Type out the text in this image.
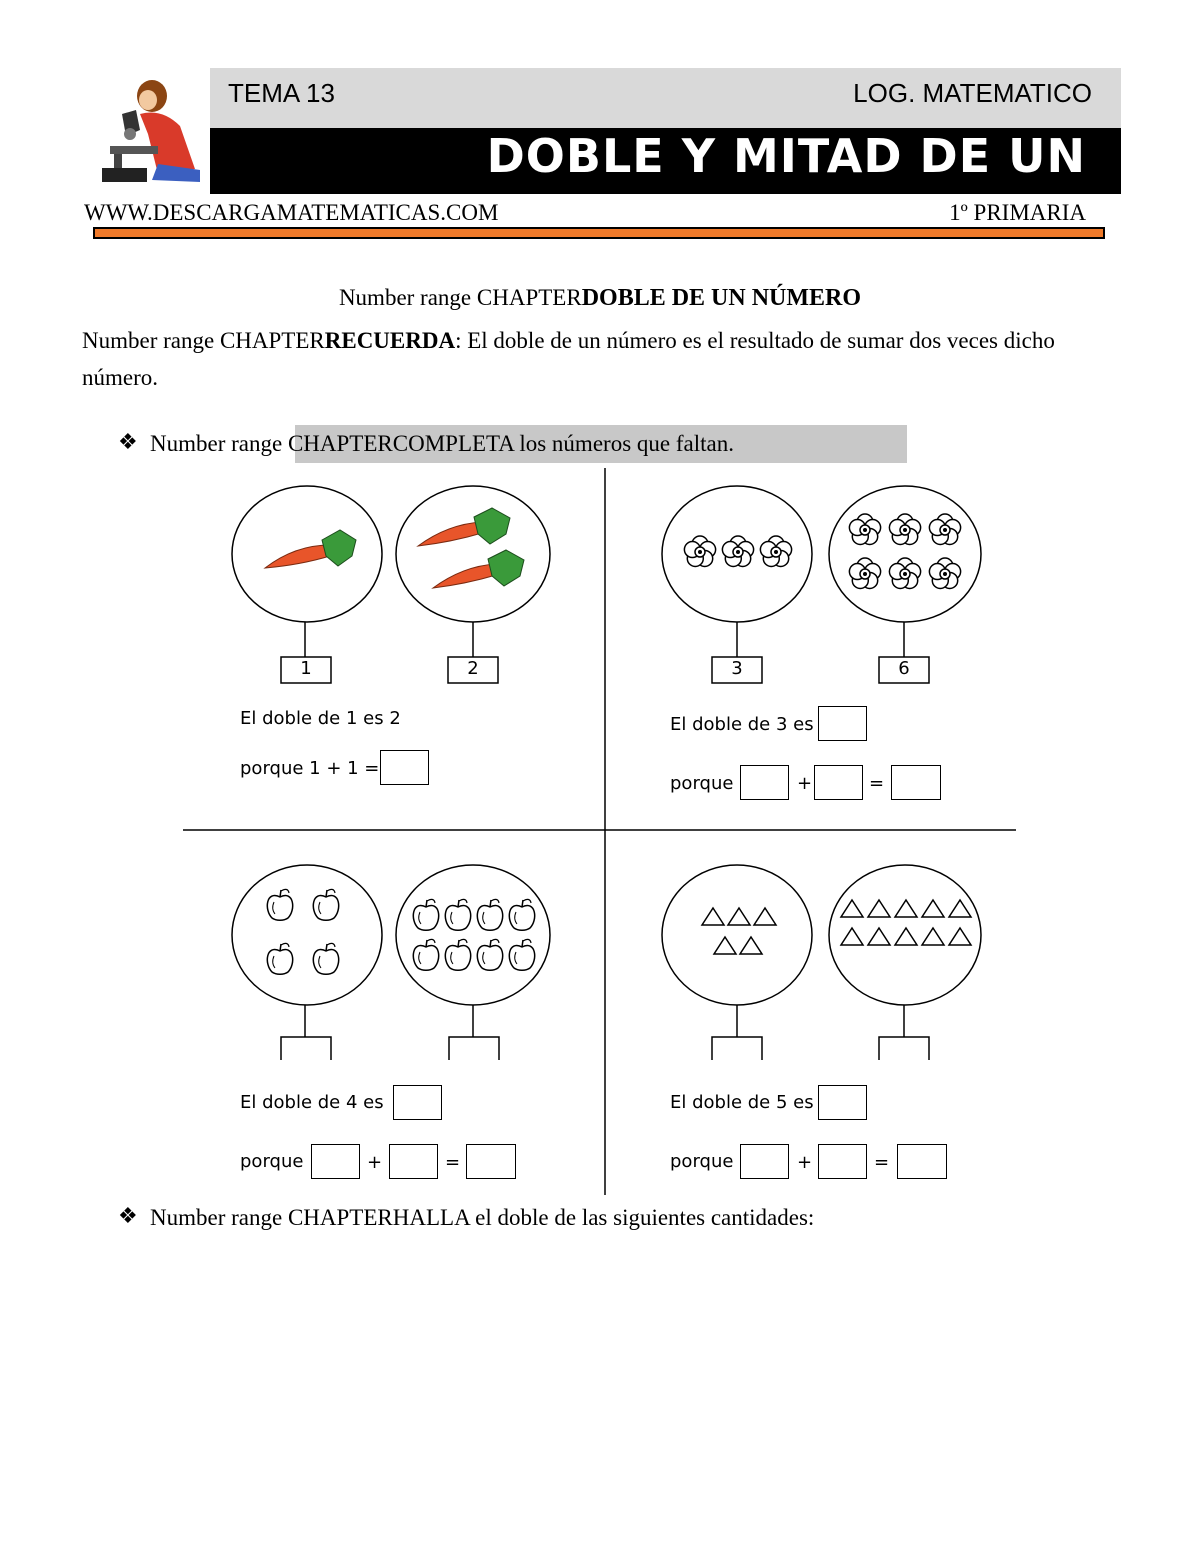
TEMA 13	LOG. MATEMATICO
DOBLE Y MITAD DE UN
WWW.DESCARGAMATEMATICAS.COM	1º PRIMARIA
Number range CHAPTERDOBLE DE UN NÚMERO
Number range CHAPTERRECUERDA: El doble de un número es el resultado de sumar dos veces dicho número.
❖ Number range CHAPTERCOMPLETA los números que faltan.
1	2	3	6
El doble de 1 es 2
porque 1 + 1 =
El doble de 3 es
porque	+	=
El doble de 4 es
porque	+	=
El doble de 5 es
porque	+	=
❖ Number range CHAPTERHALLA el doble de las siguientes cantidades:
